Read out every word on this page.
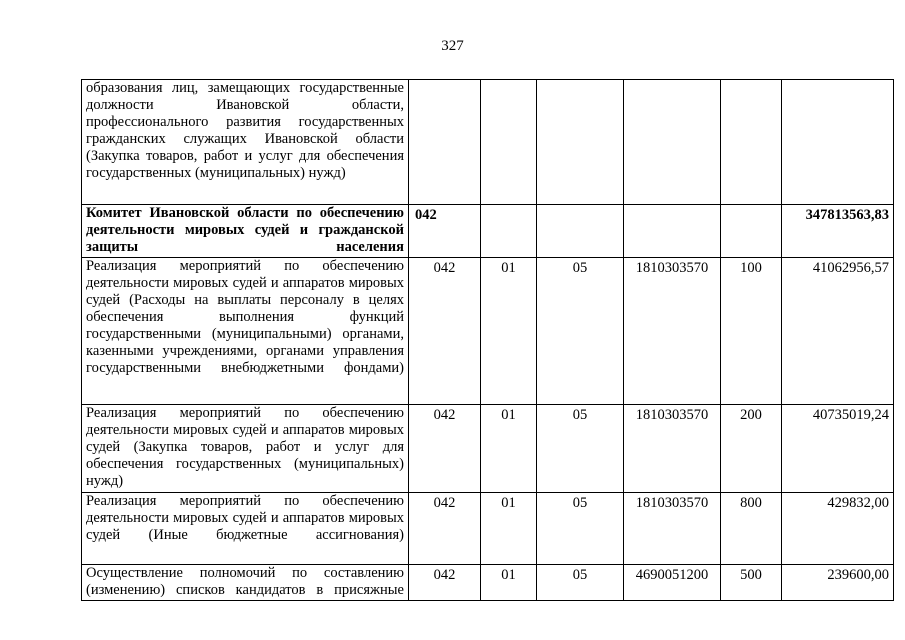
327
образования лиц, замещающих государственные должности Ивановской области, профессионального развития государственных гражданских служащих Ивановской области (Закупка товаров, работ и услуг для обеспечения государственных (муниципальных) нужд)						
Комитет Ивановской области по обеспечению деятельности мировых судей и гражданской защиты населения	042					347813563,83
Реализация мероприятий по обеспечению деятельности мировых судей и аппаратов мировых судей (Расходы на выплаты персоналу в целях обеспечения выполнения функций государственными (муниципальными) органами, казенными учреждениями, органами управления государственными внебюджетными фондами)	042	01	05	1810303570	100	41062956,57
Реализация мероприятий по обеспечению деятельности мировых судей и аппаратов мировых судей (Закупка товаров, работ и услуг для обеспечения государственных (муниципальных) нужд)	042	01	05	1810303570	200	40735019,24
Реализация мероприятий по обеспечению деятельности мировых судей и аппаратов мировых судей (Иные бюджетные ассигнования)	042	01	05	1810303570	800	429832,00
Осуществление полномочий по составлению (изменению) списков кандидатов в присяжные	042	01	05	4690051200	500	239600,00
